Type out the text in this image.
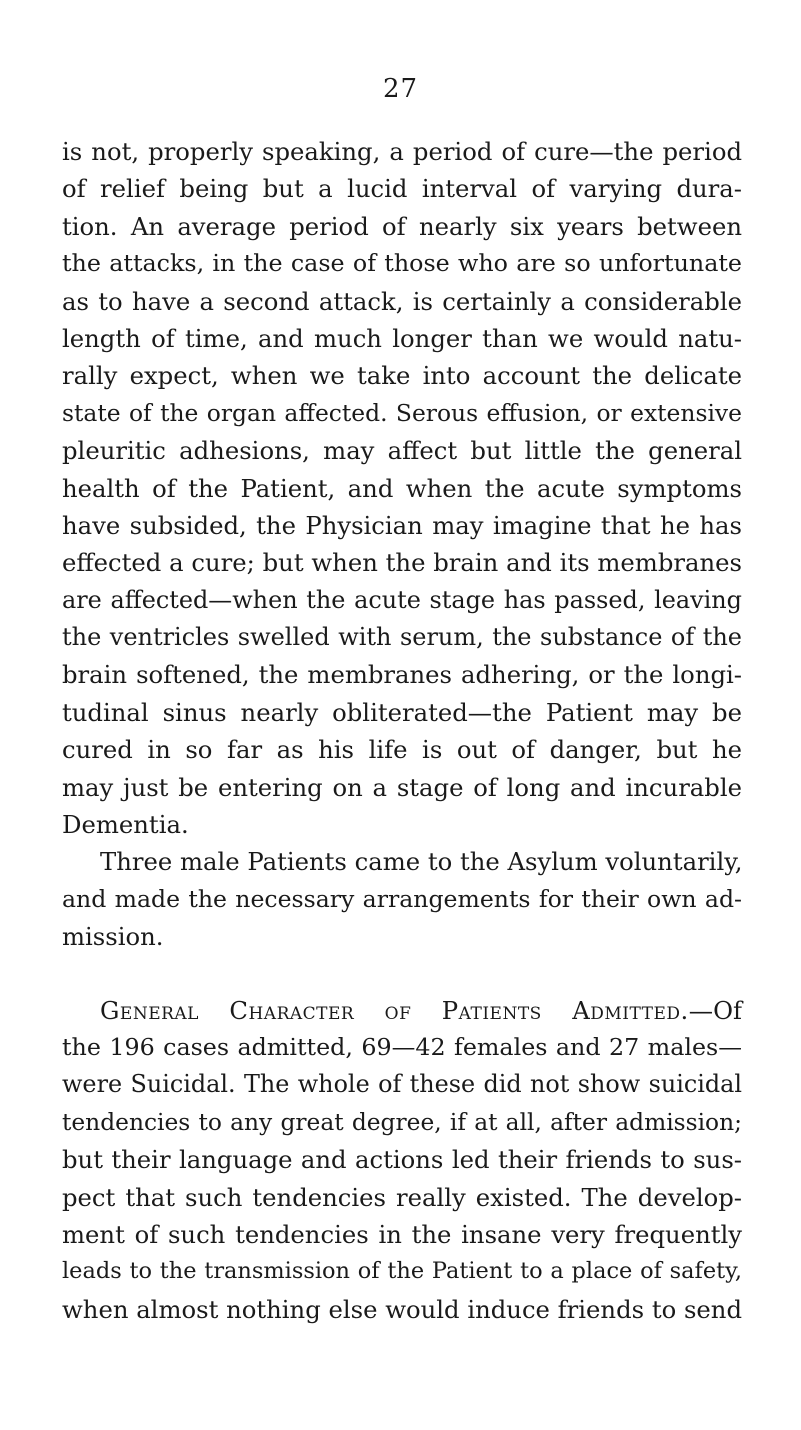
27
is not, properly speaking, a period of cure—the period
of relief being but a lucid interval of varying dura-
tion. An average period of nearly six years between
the attacks, in the case of those who are so unfortunate
as to have a second attack, is certainly a considerable
length of time, and much longer than we would natu-
rally expect, when we take into account the delicate
state of the organ affected. Serous effusion, or extensive
pleuritic adhesions, may affect but little the general
health of the Patient, and when the acute symptoms
have subsided, the Physician may imagine that he has
effected a cure; but when the brain and its membranes
are affected—when the acute stage has passed, leaving
the ventricles swelled with serum, the substance of the
brain softened, the membranes adhering, or the longi-
tudinal sinus nearly obliterated—the Patient may be
cured in so far as his life is out of danger, but he
may just be entering on a stage of long and incurable
Dementia.
Three male Patients came to the Asylum voluntarily,
and made the necessary arrangements for their own ad-
mission.
General Character of Patients Admitted.—Of
the 196 cases admitted, 69—42 females and 27 males—
were Suicidal. The whole of these did not show suicidal
tendencies to any great degree, if at all, after admission;
but their language and actions led their friends to sus-
pect that such tendencies really existed. The develop-
ment of such tendencies in the insane very frequently
leads to the transmission of the Patient to a place of safety,
when almost nothing else would induce friends to send
